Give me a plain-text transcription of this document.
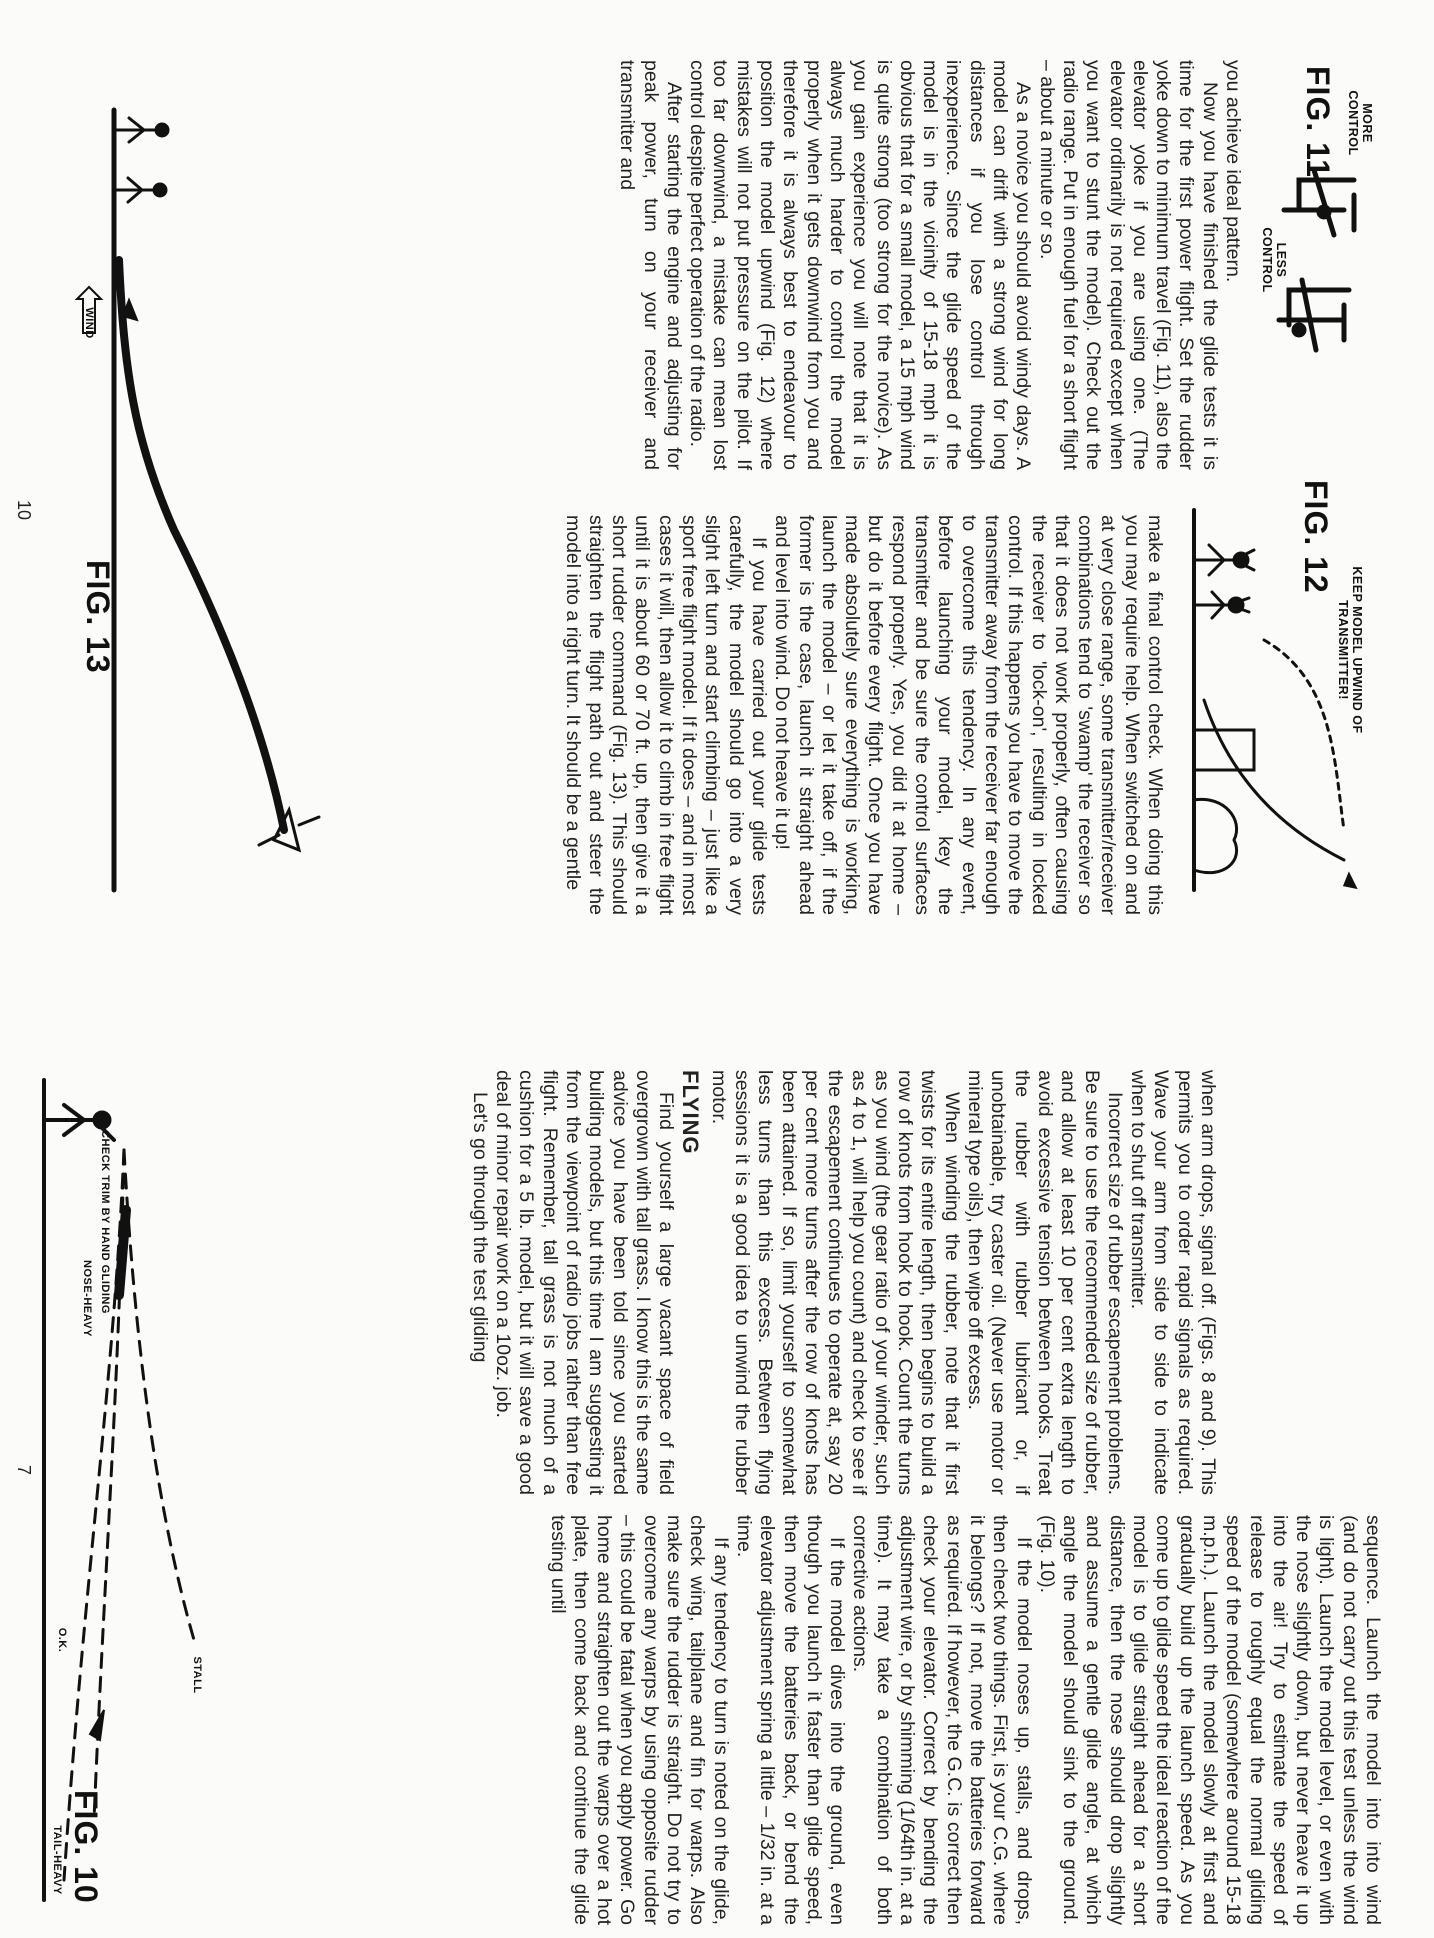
MORE CONTROL
LESS CONTROL
FIG. 11

you achieve ideal pattern.

Now you have finished the glide tests it is time for the first power flight. Set the rudder yoke down to minimum travel (Fig. 11), also the elevator yoke if you are using one. (The elevator ordinarily is not required except when you want to stunt the model). Check out the radio range. Put in enough fuel for a short flight – about a minute or so.

As a novice you should avoid windy days. A model can drift with a strong wind for long distances if you lose control through inexperience. Since the glide speed of the model is in the vicinity of 15-18 mph it is obvious that for a small model, a 15 mph wind is quite strong (too strong for the novice). As you gain experience you will note that it is always much harder to control the model properly when it gets downwind from you and therefore it is always best to endeavour to position the model upwind (Fig. 12) where mistakes will not put pressure on the pilot. If too far downwind, a mistake can mean lost control despite perfect operation of the radio.

After starting the engine and adjusting for peak power, turn on your receiver and transmitter and

KEEP MODEL UPWIND OF TRANSMITTER!
FIG. 12

make a final control check. When doing this you may require help. When switched on and at very close range, some transmitter/receiver combinations tend to 'swamp' the receiver so that it does not work properly, often causing the receiver to 'lock-on', resulting in locked control. If this happens you have to move the transmitter away from the receiver far enough to overcome this tendency. In any event, before launching your model, key the transmitter and be sure the control surfaces respond properly. Yes, you did it at home – but do it before every flight. Once you have made absolutely sure everything is working, launch the model – or let it take off, if the former is the case, launch it straight ahead and level into wind. Do not heave it up!

If you have carried out your glide tests carefully, the model should go into a very slight left turn and start climbing – just like a sport free flight model. If it does – and in most cases it will, then allow it to climb in free flight until it is about 60 or 70 ft. up, then give it a short rudder command (Fig. 13). This should straighten the flight path out and steer the model into a right turn. It should be a gentle

WIND
FIG. 13
10

when arm drops, signal off. (Figs. 8 and 9). This permits you to order rapid signals as required. Wave your arm from side to side to indicate when to shut off transmitter.

Incorrect size of rubber escapement problems. Be sure to use the recommended size of rubber, and allow at least 10 per cent extra length to avoid excessive tension between hooks. Treat the rubber with rubber lubricant or, if unobtainable, try caster oil. (Never use motor or mineral type oils), then wipe off excess.

When winding the rubber, note that it first twists for its entire length, then begins to build a row of knots from hook to hook. Count the turns as you wind (the gear ratio of your winder, such as 4 to 1, will help you count) and check to see if the escapement continues to operate at, say 20 per cent more turns after the row of knots has been attained. If so, limit yourself to somewhat less turns than this excess. Between flying sessions it is a good idea to unwind the rubber motor.

FLYING

Find yourself a large vacant space of field overgrown with tall grass. I know this is the same advice you have been told since you started building models, but this time I am suggesting it from the viewpoint of radio jobs rather than free flight. Remember, tall grass is not much of a cushion for a 5 lb. model, but it will save a good deal of minor repair work on a 10oz. job.

Let's go through the test gliding

sequence. Launch the model into into wind (and do not carry out this test unless the wind is light). Launch the model level, or even with the nose slightly down, but never heave it up into the air! Try to estimate the speed of release to roughly equal the normal gliding speed of the model (somewhere around 15-18 m.p.h.). Launch the model slowly at first and gradually build up the launch speed. As you come up to glide speed the ideal reaction of the model is to glide straight ahead for a short distance, then the nose should drop slightly and assume a gentle glide angle, at which angle the model should sink to the ground. (Fig. 10).

If the model noses up, stalls, and drops, then check two things. First, is your C.G. where it belongs? If not, move the batteries forward as required. If however, the G.C. is correct then check your elevator. Correct by bending the adjustment wire, or by shimming (1/64th in. at a time). It may take a combination of both corrective actions.

If the model dives into the ground, even though you launch it faster than glide speed, then move the batteries back, or bend the elevator adjustment spring a little – 1/32 in. at a time.

If any tendency to turn is noted on the glide, check wing, tailplane and fin for warps. Also make sure the rudder is straight. Do not try to overcome any warps by using opposite rudder – this could be fatal when you apply power. Go home and straighten out the warps over a hot plate, then come back and continue the glide testing until

CHECK TRIM BY HAND GLIDING
NOSE-HEAVY
O.K.
STALL
TAIL-HEAVY FIG. 10
7
